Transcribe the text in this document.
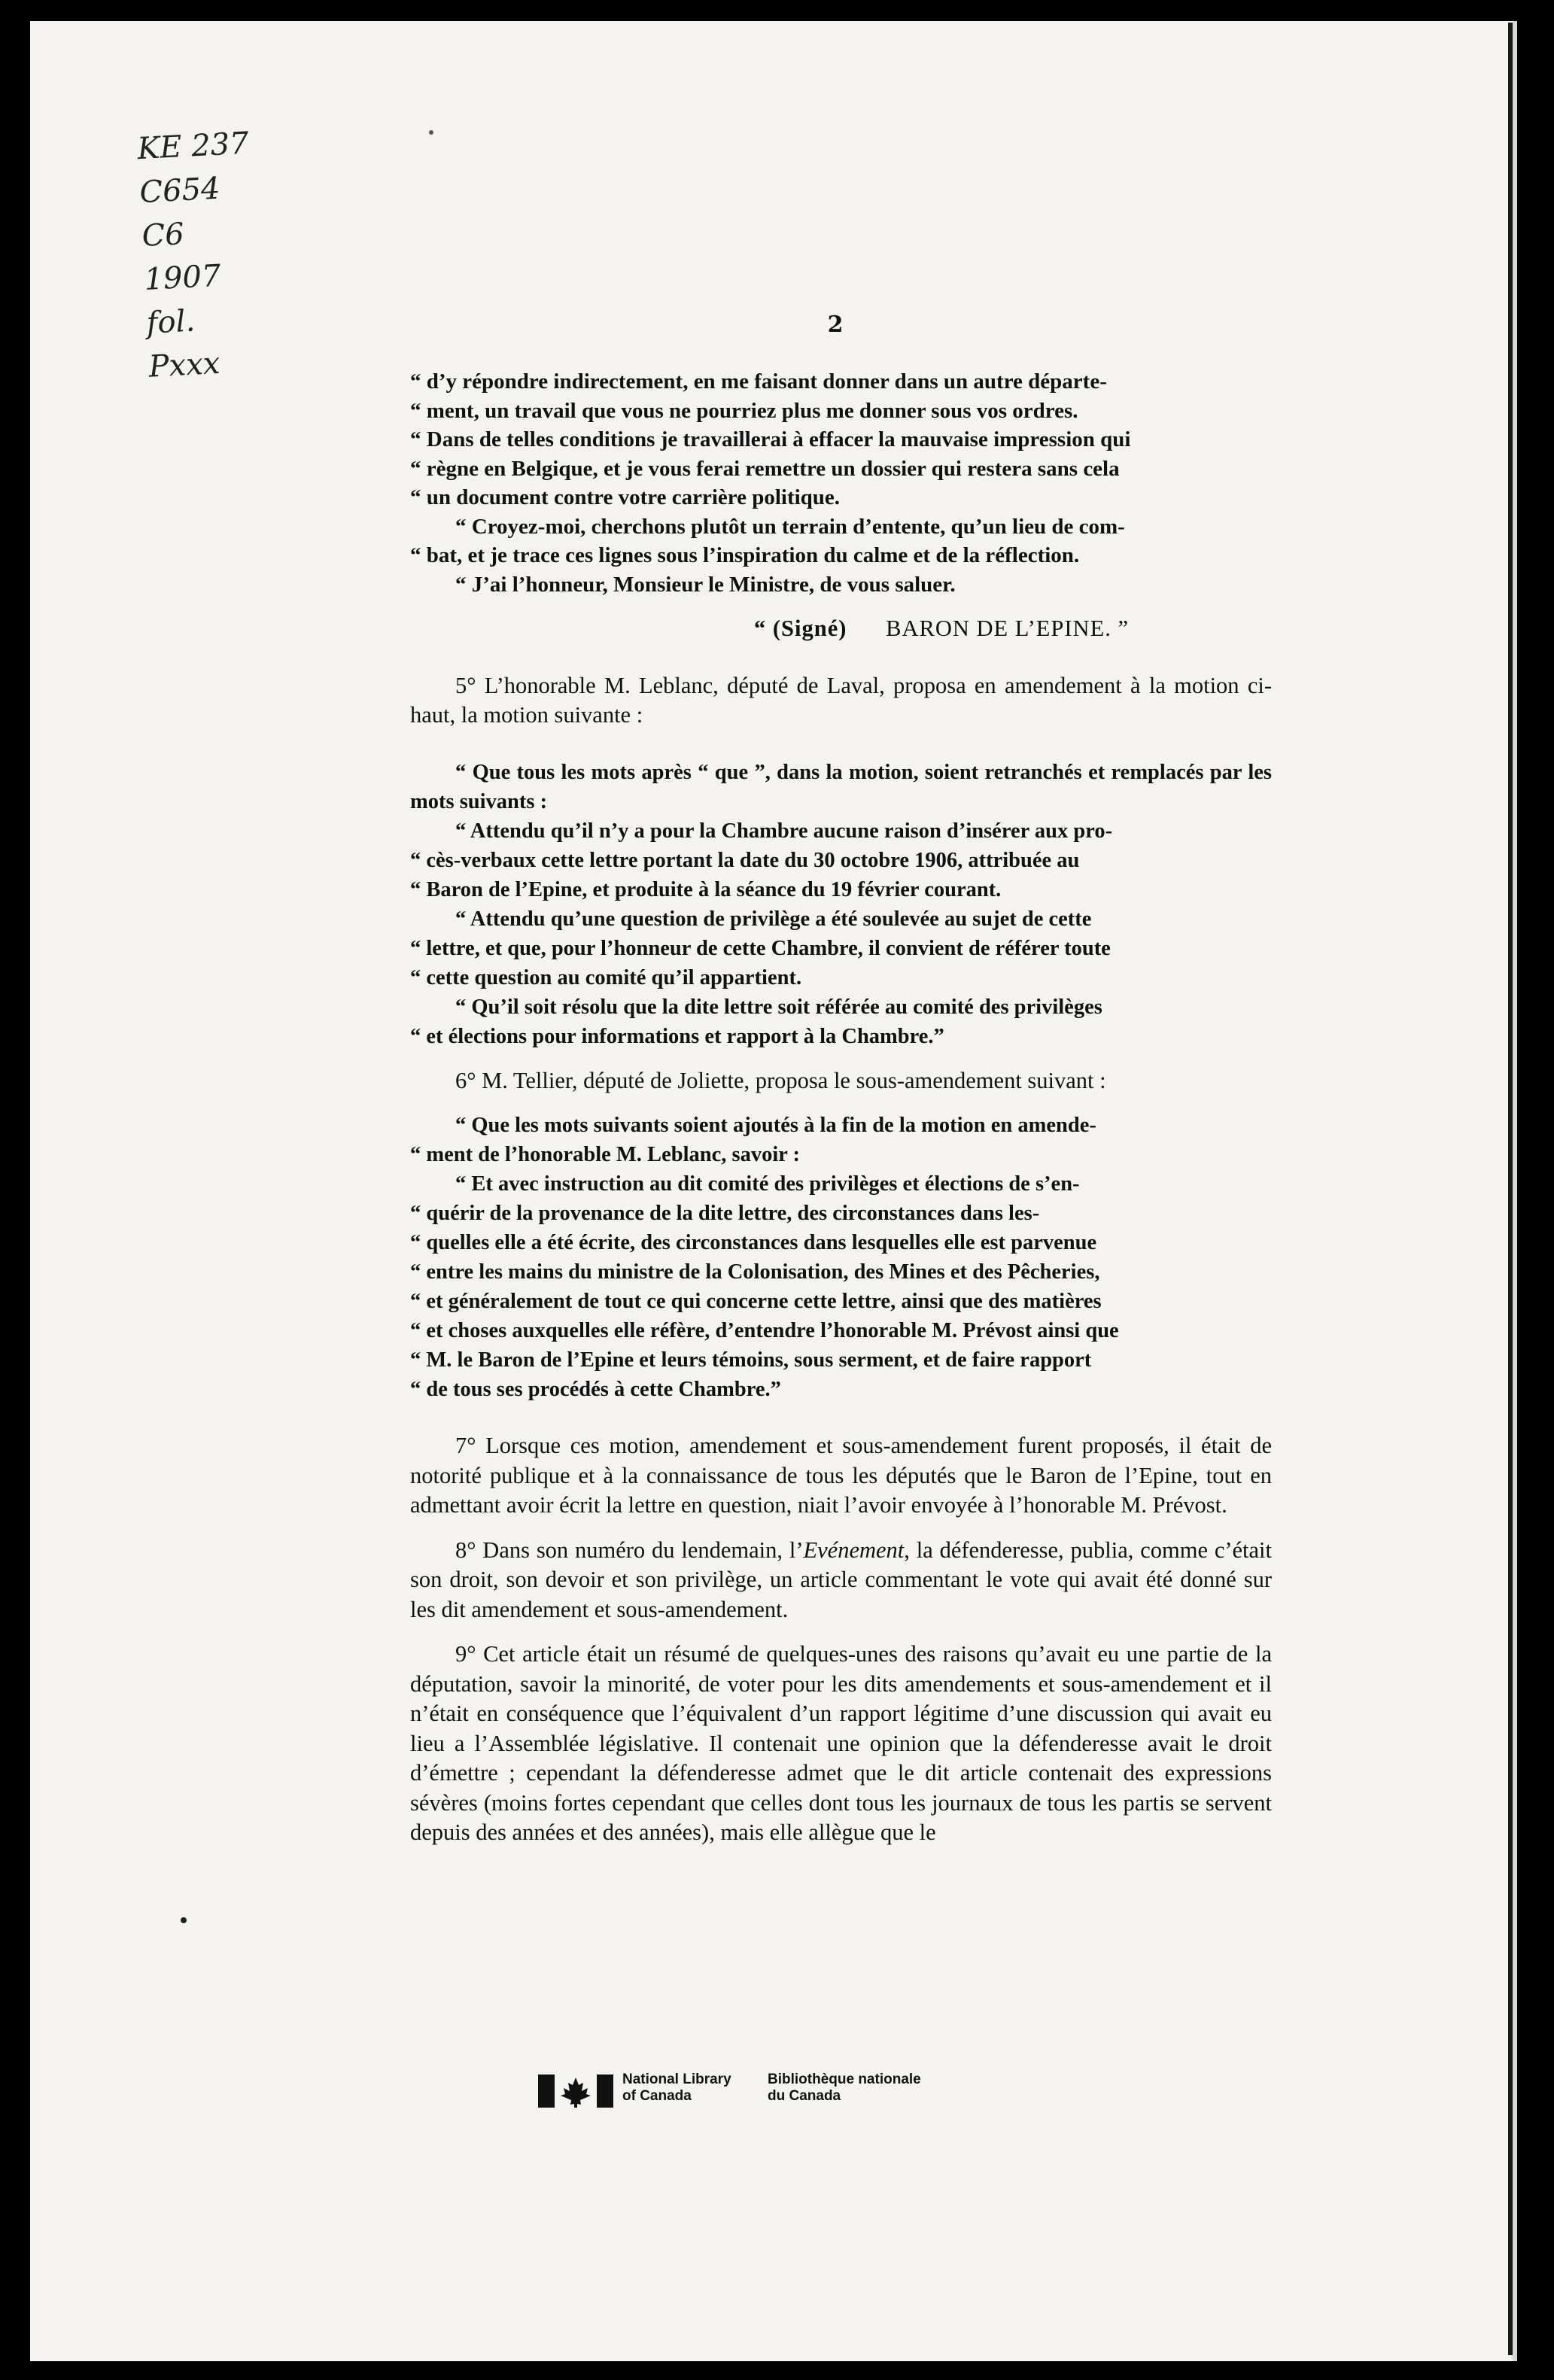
KE 237
C654
C6
1907
fol.
Pxxx
2

“ d’y répondre indirectement, en me faisant donner dans un autre départe-

“ ment, un travail que vous ne pourriez plus me donner sous vos ordres.

“ Dans de telles conditions je travaillerai à effacer la mauvaise impression qui

“ règne en Belgique, et je vous ferai remettre un dossier qui restera sans cela

“ un document contre votre carrière politique.

“ Croyez-moi, cherchons plutôt un terrain d’entente, qu’un lieu de com-

“ bat, et je trace ces lignes sous l’inspiration du calme et de la réflection.

“ J’ai l’honneur, Monsieur le Ministre, de vous saluer.

“ (Signé) BARON DE L’EPINE. ”

5° L’honorable M. Leblanc, député de Laval, proposa en amendement à la motion ci-haut, la motion suivante :

“ Que tous les mots après “ que ”, dans la motion, soient retranchés et remplacés par les mots suivants :

“ Attendu qu’il n’y a pour la Chambre aucune raison d’insérer aux pro-

“ cès-verbaux cette lettre portant la date du 30 octobre 1906, attribuée au

“ Baron de l’Epine, et produite à la séance du 19 février courant.

“ Attendu qu’une question de privilège a été soulevée au sujet de cette

“ lettre, et que, pour l’honneur de cette Chambre, il convient de référer toute

“ cette question au comité qu’il appartient.

“ Qu’il soit résolu que la dite lettre soit référée au comité des privilèges

“ et élections pour informations et rapport à la Chambre.”

6° M. Tellier, député de Joliette, proposa le sous-amendement suivant :

“ Que les mots suivants soient ajoutés à la fin de la motion en amende-

“ ment de l’honorable M. Leblanc, savoir :

“ Et avec instruction au dit comité des privilèges et élections de s’en-

“ quérir de la provenance de la dite lettre, des circonstances dans les-

“ quelles elle a été écrite, des circonstances dans lesquelles elle est parvenue

“ entre les mains du ministre de la Colonisation, des Mines et des Pêcheries,

“ et généralement de tout ce qui concerne cette lettre, ainsi que des matières

“ et choses auxquelles elle réfère, d’entendre l’honorable M. Prévost ainsi que

“ M. le Baron de l’Epine et leurs témoins, sous serment, et de faire rapport

“ de tous ses procédés à cette Chambre.”

7° Lorsque ces motion, amendement et sous-amendement furent proposés, il était de notorité publique et à la connaissance de tous les députés que le Baron de l’Epine, tout en admettant avoir écrit la lettre en question, niait l’avoir envoyée à l’honorable M. Prévost.

8° Dans son numéro du lendemain, l’Evénement, la défenderesse, publia, comme c’était son droit, son devoir et son privilège, un article commentant le vote qui avait été donné sur les dit amendement et sous-amendement.

9° Cet article était un résumé de quelques-unes des raisons qu’avait eu une partie de la députation, savoir la minorité, de voter pour les dits amendements et sous-amendement et il n’était en conséquence que l’équivalent d’un rapport légitime d’une discussion qui avait eu lieu a l’Assemblée législative. Il contenait une opinion que la défenderesse avait le droit d’émettre ; cependant la défenderesse admet que le dit article contenait des expressions sévères (moins fortes cependant que celles dont tous les journaux de tous les partis se servent depuis des années et des années), mais elle allègue que le

National Library
of Canada
Bibliothèque nationale
du Canada
